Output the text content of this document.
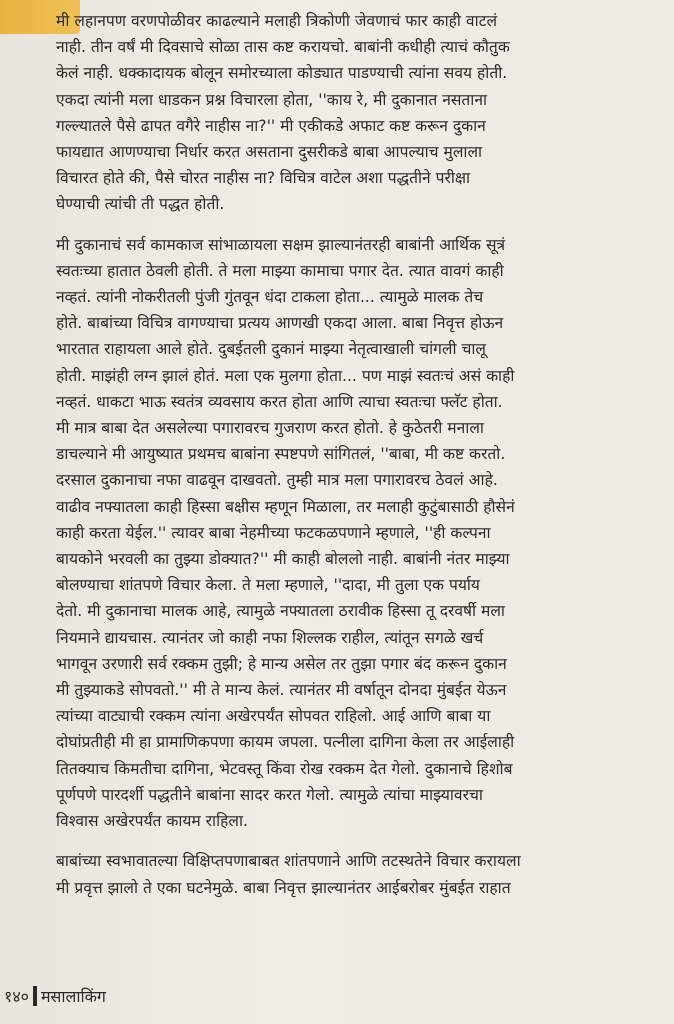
मी लहानपण वरणपोळीवर काढल्याने मलाही त्रिकोणी जेवणाचं फार काही वाटलं
नाही. तीन वर्षं मी दिवसाचे सोळा तास कष्ट करायचो. बाबांनी कधीही त्याचं कौतुक
केलं नाही. धक्कादायक बोलून समोरच्याला कोड्यात पाडण्याची त्यांना सवय होती.
एकदा त्यांनी मला धाडकन प्रश्न विचारला होता, ''काय रे, मी दुकानात नसताना
गल्ल्यातले पैसे ढापत वगैरे नाहीस ना?'' मी एकीकडे अफाट कष्ट करून दुकान
फायद्यात आणण्याचा निर्धार करत असताना दुसरीकडे बाबा आपल्याच मुलाला
विचारत होते की, पैसे चोरत नाहीस ना? विचित्र वाटेल अशा पद्धतीने परीक्षा
घेण्याची त्यांची ती पद्धत होती.

मी दुकानाचं सर्व कामकाज सांभाळायला सक्षम झाल्यानंतरही बाबांनी आर्थिक सूत्रं
स्वतःच्या हातात ठेवली होती. ते मला माझ्या कामाचा पगार देत. त्यात वावगं काही
नव्हतं. त्यांनी नोकरीतली पुंजी गुंतवून धंदा टाकला होता... त्यामुळे मालक तेच
होते. बाबांच्या विचित्र वागण्याचा प्रत्यय आणखी एकदा आला. बाबा निवृत्त होऊन
भारतात राहायला आले होते. दुबईतली दुकानं माझ्या नेतृत्वाखाली चांगली चालू
होती. माझंही लग्न झालं होतं. मला एक मुलगा होता... पण माझं स्वतःचं असं काही
नव्हतं. धाकटा भाऊ स्वतंत्र व्यवसाय करत होता आणि त्याचा स्वतःचा फ्लॅट होता.
मी मात्र बाबा देत असलेल्या पगारावरच गुजराण करत होतो. हे कुठेतरी मनाला
डाचल्याने मी आयुष्यात प्रथमच बाबांना स्पष्टपणे सांगितलं, ''बाबा, मी कष्ट करतो.
दरसाल दुकानाचा नफा वाढवून दाखवतो. तुम्ही मात्र मला पगारावरच ठेवलं आहे.
वाढीव नफ्यातला काही हिस्सा बक्षीस म्हणून मिळाला, तर मलाही कुटुंबासाठी हौसेनं
काही करता येईल.'' त्यावर बाबा नेहमीच्या फटकळपणाने म्हणाले, ''ही कल्पना
बायकोने भरवली का तुझ्या डोक्यात?'' मी काही बोललो नाही. बाबांनी नंतर माझ्या
बोलण्याचा शांतपणे विचार केला. ते मला म्हणाले, ''दादा, मी तुला एक पर्याय
देतो. मी दुकानाचा मालक आहे, त्यामुळे नफ्यातला ठरावीक हिस्सा तू दरवर्षी मला
नियमाने द्यायचास. त्यानंतर जो काही नफा शिल्लक राहील, त्यांतून सगळे खर्च
भागवून उरणारी सर्व रक्कम तुझी; हे मान्य असेल तर तुझा पगार बंद करून दुकान
मी तुझ्याकडे सोपवतो.'' मी ते मान्य केलं. त्यानंतर मी वर्षातून दोनदा मुंबईत येऊन
त्यांच्या वाट्याची रक्कम त्यांना अखेरपर्यंत सोपवत राहिलो. आई आणि बाबा या
दोघांप्रतीही मी हा प्रामाणिकपणा कायम जपला. पत्नीला दागिना केला तर आईलाही
तितक्याच किमतीचा दागिना, भेटवस्तू किंवा रोख रक्कम देत गेलो. दुकानाचे हिशोब
पूर्णपणे पारदर्शी पद्धतीने बाबांना सादर करत गेलो. त्यामुळे त्यांचा माझ्यावरचा
विश्वास अखेरपर्यंत कायम राहिला.

बाबांच्या स्वभावातल्या विक्षिप्तपणाबाबत शांतपणाने आणि तटस्थतेने विचार करायला
मी प्रवृत्त झालो ते एका घटनेमुळे. बाबा निवृत्त झाल्यानंतर आईबरोबर मुंबईत राहात

१४० मसालाकिंग
